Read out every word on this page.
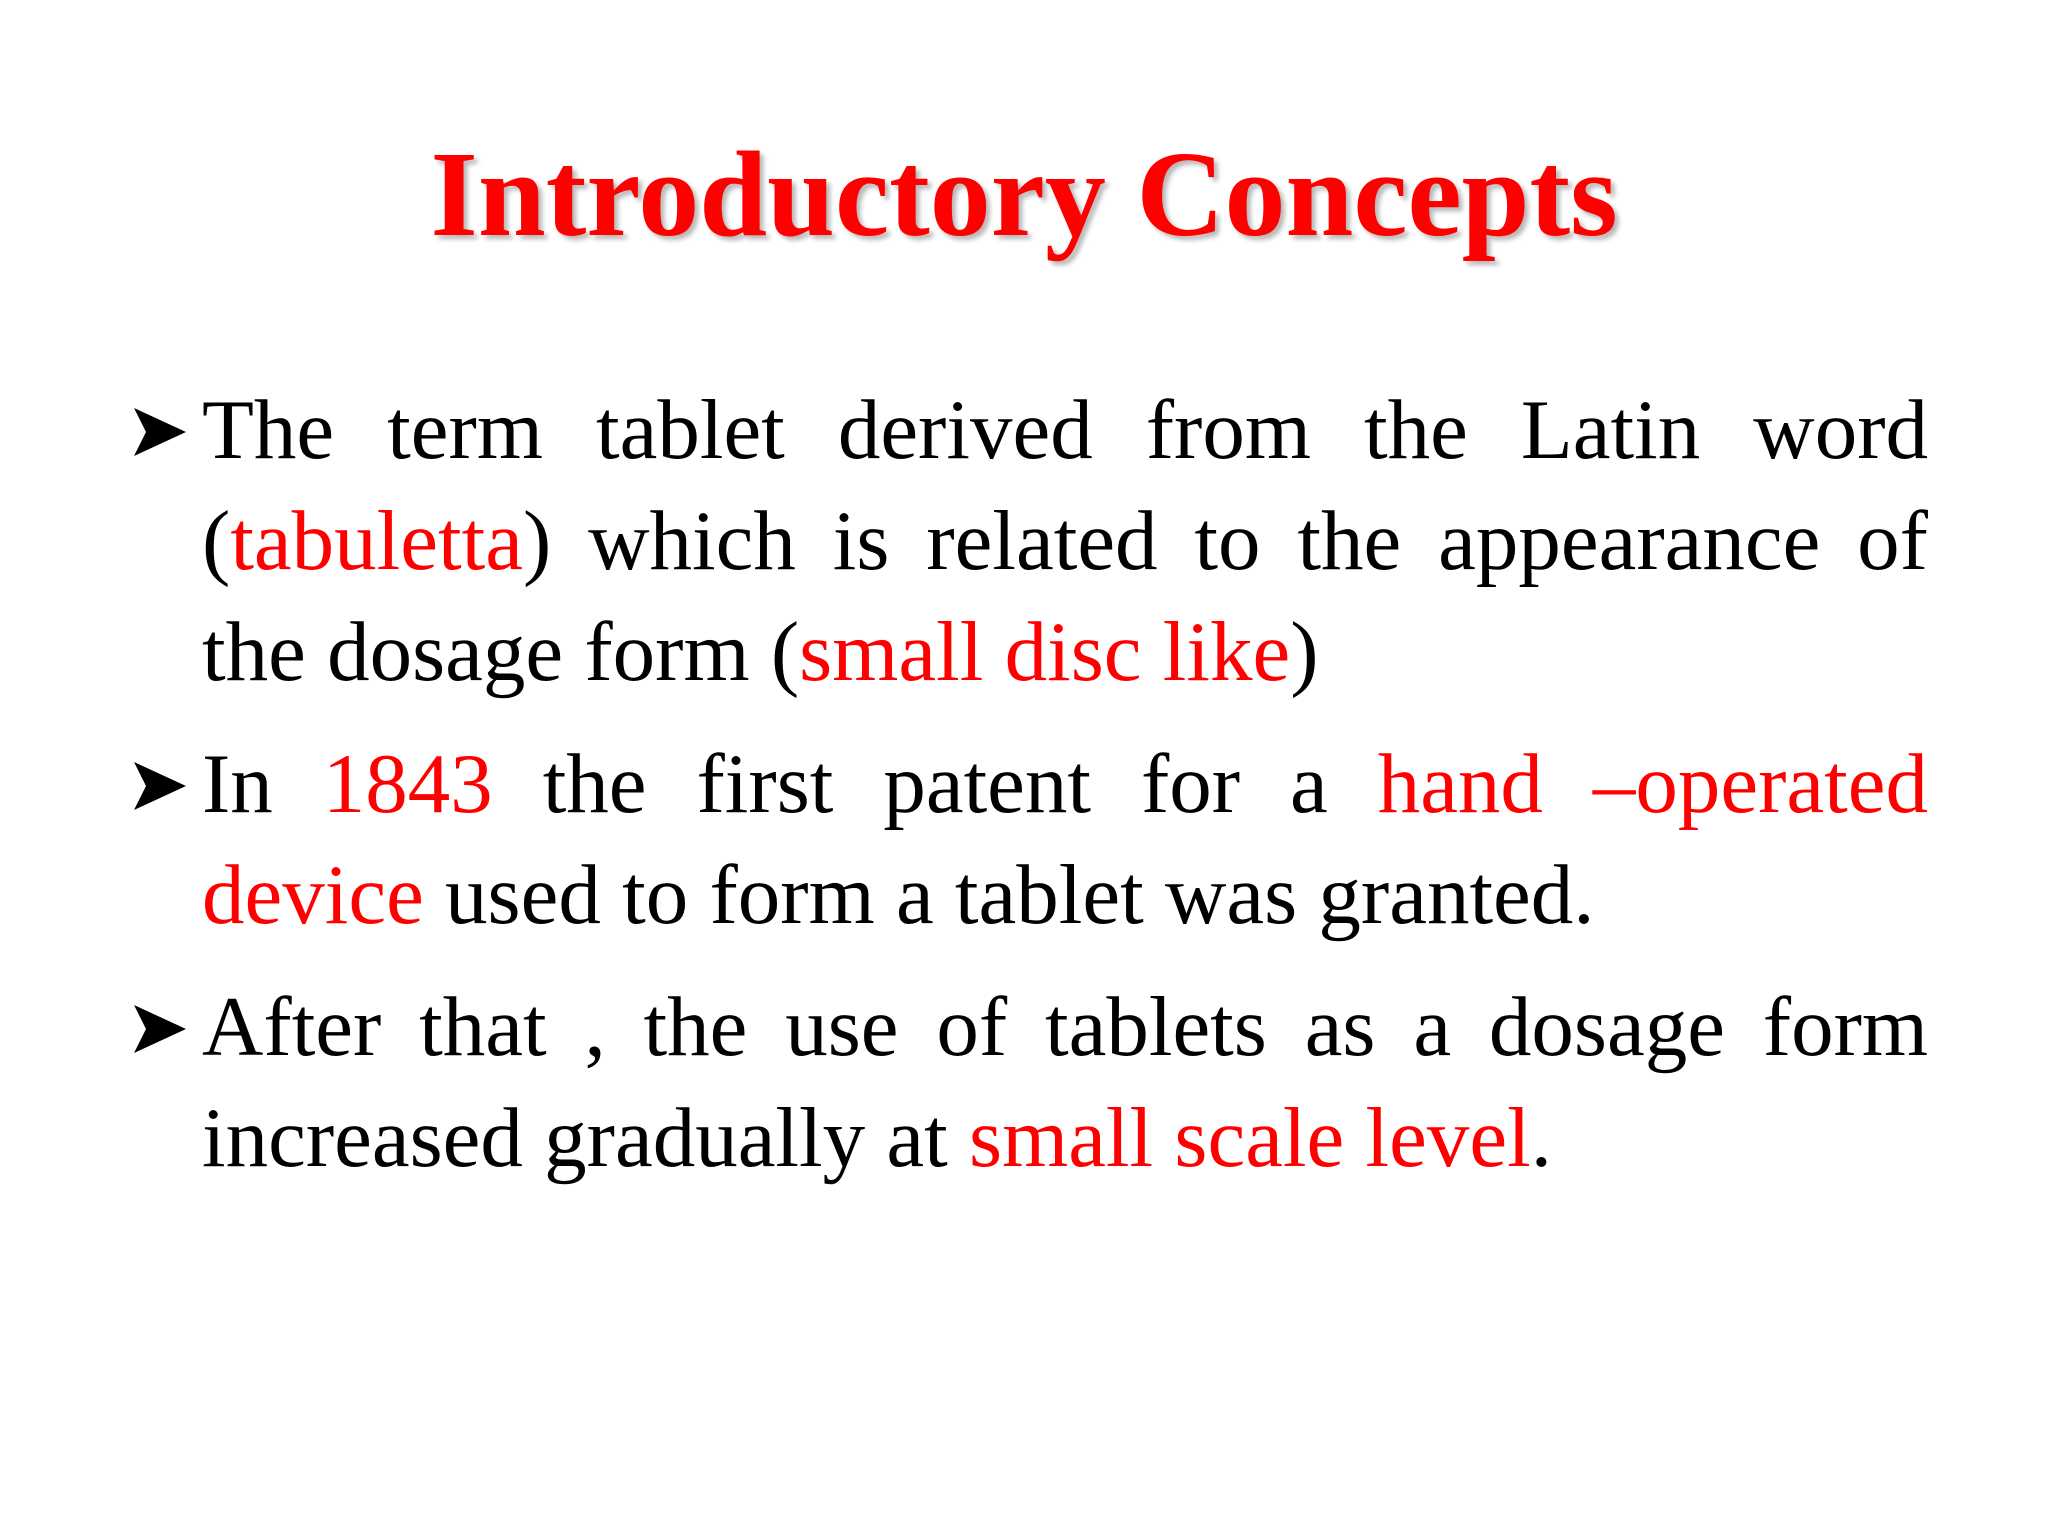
Introductory Concepts
The term tablet derived from the Latin word (tabuletta) which is related to the appearance of the dosage form (small disc like)
In 1843 the first patent for a hand –operated device used to form a tablet was granted.
After that , the use of tablets as a dosage form increased gradually at small scale level.
